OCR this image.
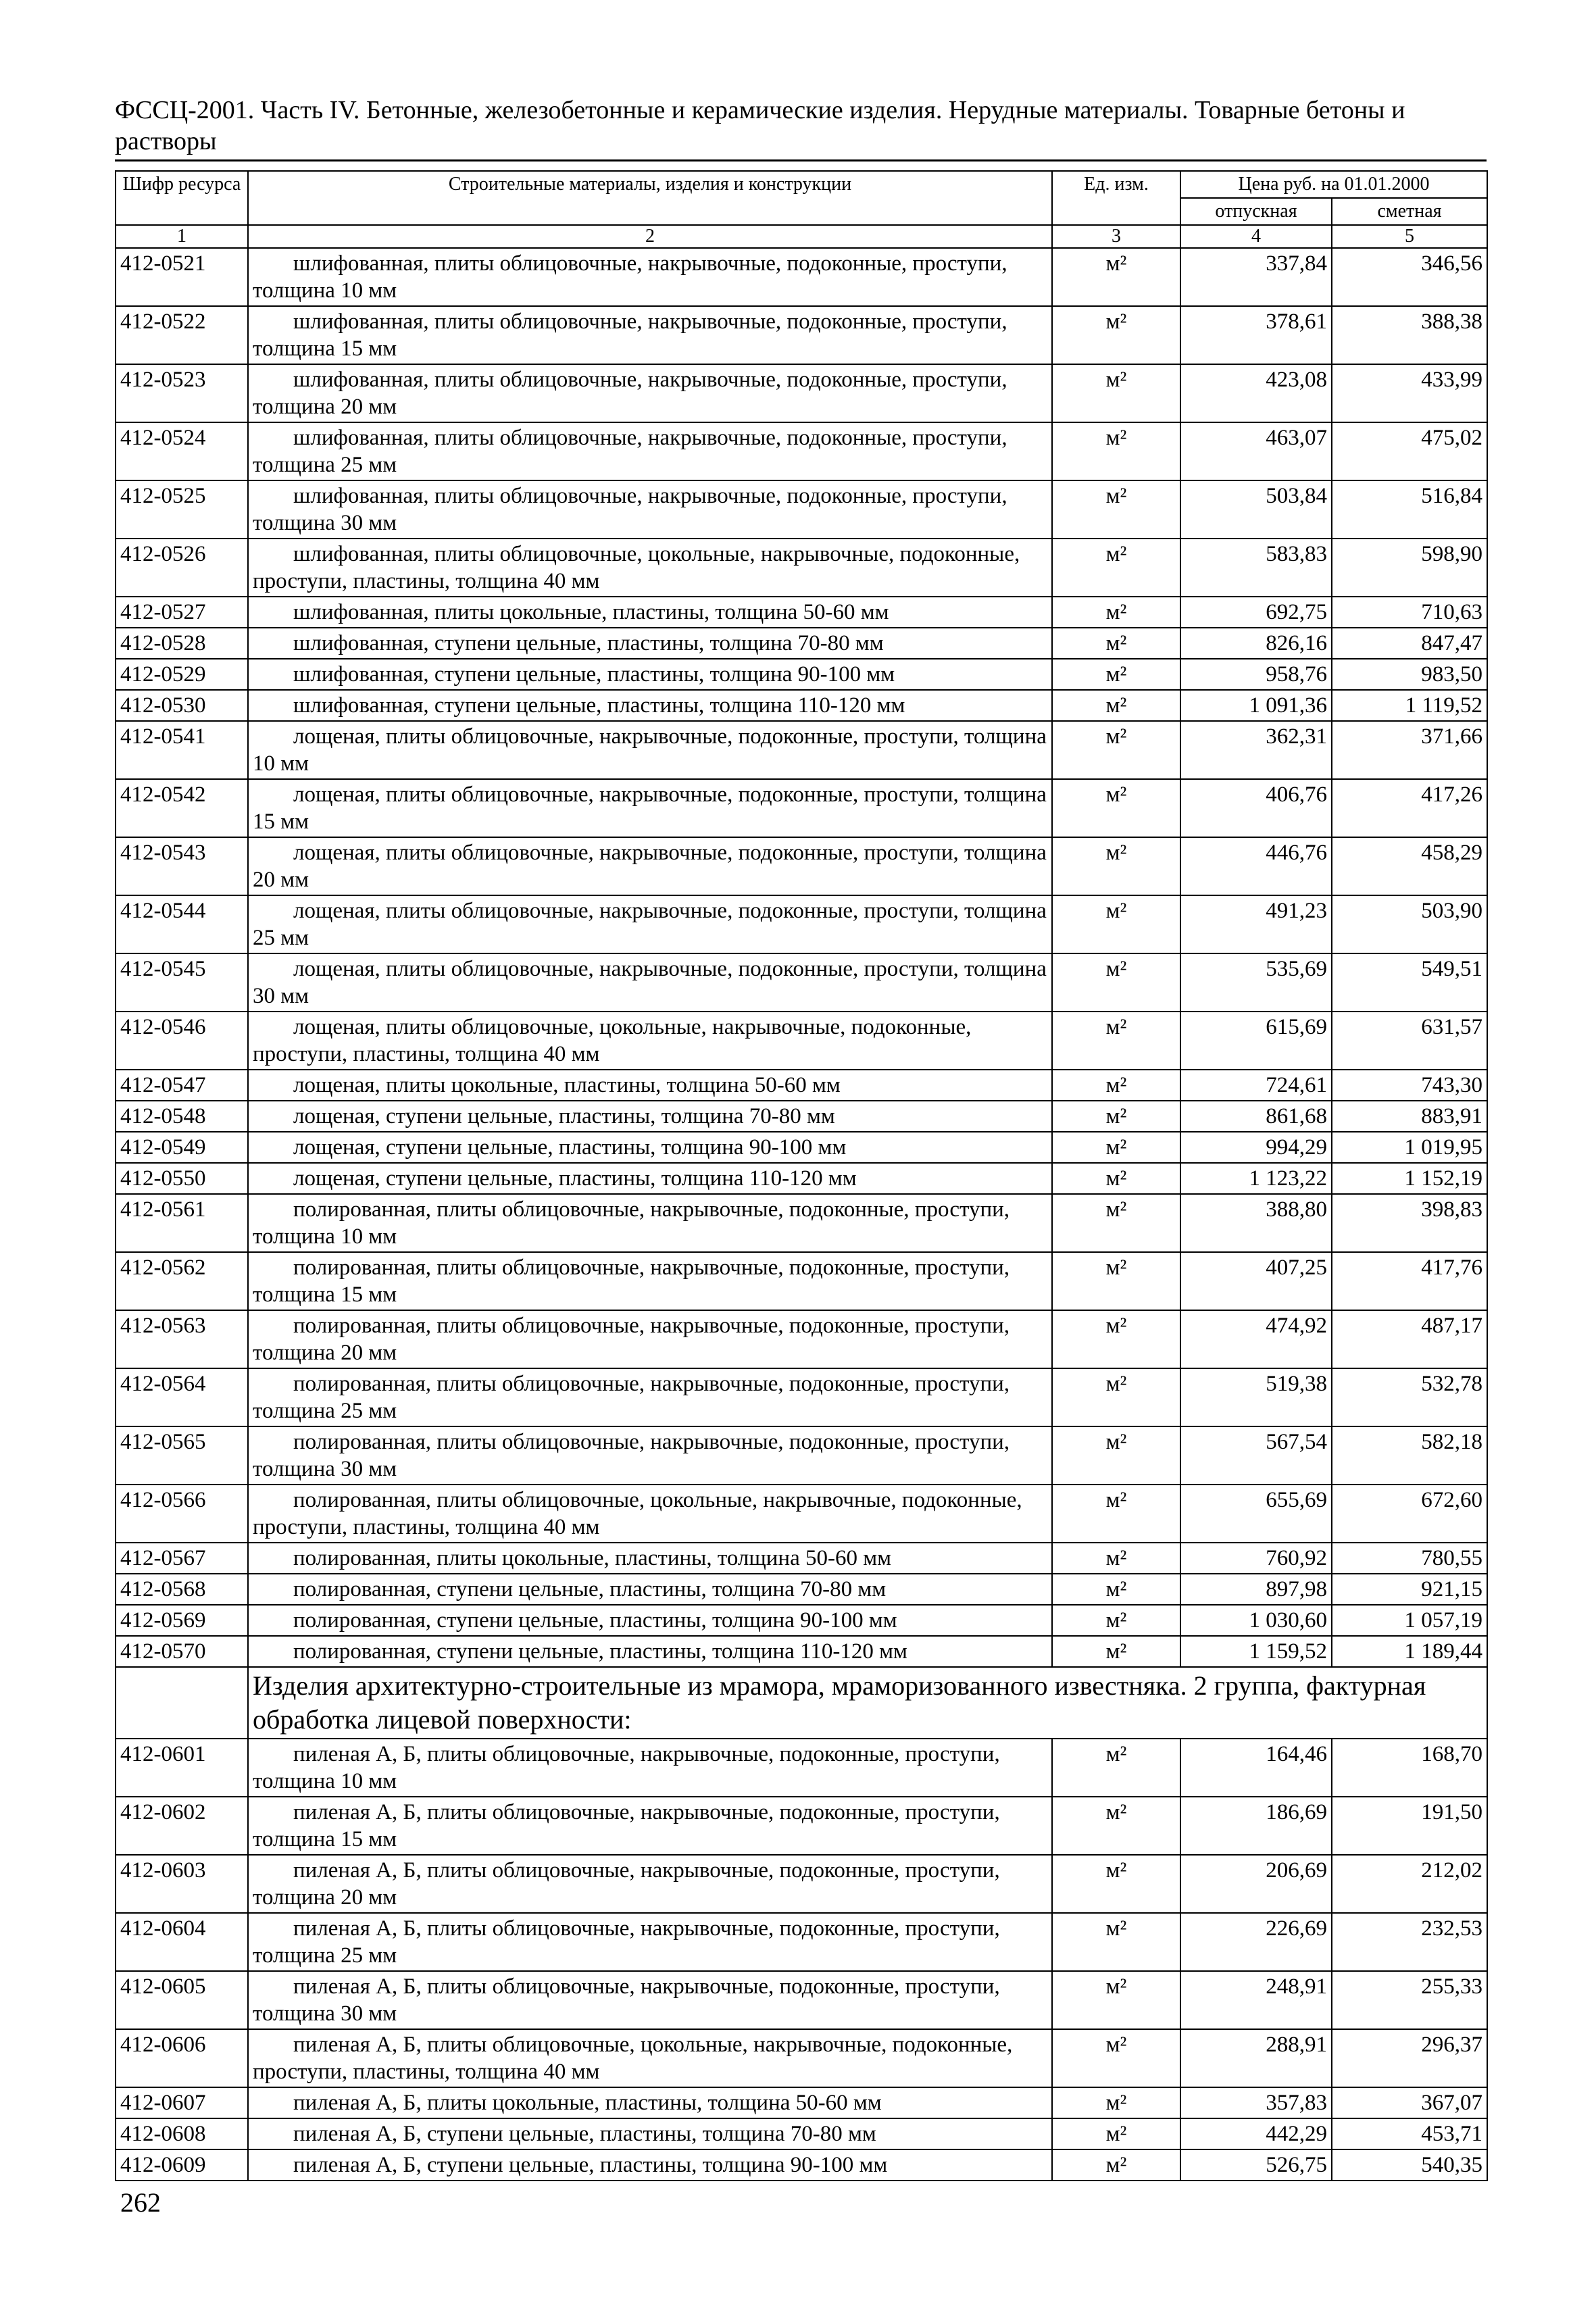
ФССЦ-2001. Часть IV. Бетонные, железобетонные и керамические изделия. Нерудные материалы. Товарные бетоны и растворы
Шифр ресурса	Строительные материалы, изделия и конструкции	Ед. изм.	Цена руб. на 01.01.2000	
			отпускная	сметная
1	2	3	4	5
412-0521	шлифованная, плиты облицовочные, накрывочные, подоконные, проступи, толщина 10 мм	м²	337,84	346,56
412-0522	шлифованная, плиты облицовочные, накрывочные, подоконные, проступи, толщина 15 мм	м²	378,61	388,38
412-0523	шлифованная, плиты облицовочные, накрывочные, подоконные, проступи, толщина 20 мм	м²	423,08	433,99
412-0524	шлифованная, плиты облицовочные, накрывочные, подоконные, проступи, толщина 25 мм	м²	463,07	475,02
412-0525	шлифованная, плиты облицовочные, накрывочные, подоконные, проступи, толщина 30 мм	м²	503,84	516,84
412-0526	шлифованная, плиты облицовочные, цокольные, накрывочные, подоконные, проступи, пластины, толщина 40 мм	м²	583,83	598,90
412-0527	шлифованная, плиты цокольные, пластины, толщина 50-60 мм	м²	692,75	710,63
412-0528	шлифованная, ступени цельные, пластины, толщина 70-80 мм	м²	826,16	847,47
412-0529	шлифованная, ступени цельные, пластины, толщина 90-100 мм	м²	958,76	983,50
412-0530	шлифованная, ступени цельные, пластины, толщина 110-120 мм	м²	1 091,36	1 119,52
412-0541	лощеная, плиты облицовочные, накрывочные, подоконные, проступи, толщина 10 мм	м²	362,31	371,66
412-0542	лощеная, плиты облицовочные, накрывочные, подоконные, проступи, толщина 15 мм	м²	406,76	417,26
412-0543	лощеная, плиты облицовочные, накрывочные, подоконные, проступи, толщина 20 мм	м²	446,76	458,29
412-0544	лощеная, плиты облицовочные, накрывочные, подоконные, проступи, толщина 25 мм	м²	491,23	503,90
412-0545	лощеная, плиты облицовочные, накрывочные, подоконные, проступи, толщина 30 мм	м²	535,69	549,51
412-0546	лощеная, плиты облицовочные, цокольные, накрывочные, подоконные, проступи, пластины, толщина 40 мм	м²	615,69	631,57
412-0547	лощеная, плиты цокольные, пластины, толщина 50-60 мм	м²	724,61	743,30
412-0548	лощеная, ступени цельные, пластины, толщина 70-80 мм	м²	861,68	883,91
412-0549	лощеная, ступени цельные, пластины, толщина 90-100 мм	м²	994,29	1 019,95
412-0550	лощеная, ступени цельные, пластины, толщина 110-120 мм	м²	1 123,22	1 152,19
412-0561	полированная, плиты облицовочные, накрывочные, подоконные, проступи, толщина 10 мм	м²	388,80	398,83
412-0562	полированная, плиты облицовочные, накрывочные, подоконные, проступи, толщина 15 мм	м²	407,25	417,76
412-0563	полированная, плиты облицовочные, накрывочные, подоконные, проступи, толщина 20 мм	м²	474,92	487,17
412-0564	полированная, плиты облицовочные, накрывочные, подоконные, проступи, толщина 25 мм	м²	519,38	532,78
412-0565	полированная, плиты облицовочные, накрывочные, подоконные, проступи, толщина 30 мм	м²	567,54	582,18
412-0566	полированная, плиты облицовочные, цокольные, накрывочные, подоконные, проступи, пластины, толщина 40 мм	м²	655,69	672,60
412-0567	полированная, плиты цокольные, пластины, толщина 50-60 мм	м²	760,92	780,55
412-0568	полированная, ступени цельные, пластины, толщина 70-80 мм	м²	897,98	921,15
412-0569	полированная, ступени цельные, пластины, толщина 90-100 мм	м²	1 030,60	1 057,19
412-0570	полированная, ступени цельные, пластины, толщина 110-120 мм	м²	1 159,52	1 189,44
	Изделия архитектурно-строительные из мрамора, мраморизованного известняка. 2 группа, фактурная обработка лицевой поверхности:			
412-0601	пиленая А, Б, плиты облицовочные, накрывочные, подоконные, проступи, толщина 10 мм	м²	164,46	168,70
412-0602	пиленая А, Б, плиты облицовочные, накрывочные, подоконные, проступи, толщина 15 мм	м²	186,69	191,50
412-0603	пиленая А, Б, плиты облицовочные, накрывочные, подоконные, проступи, толщина 20 мм	м²	206,69	212,02
412-0604	пиленая А, Б, плиты облицовочные, накрывочные, подоконные, проступи, толщина 25 мм	м²	226,69	232,53
412-0605	пиленая А, Б, плиты облицовочные, накрывочные, подоконные, проступи, толщина 30 мм	м²	248,91	255,33
412-0606	пиленая А, Б, плиты облицовочные, цокольные, накрывочные, подоконные, проступи, пластины, толщина 40 мм	м²	288,91	296,37
412-0607	пиленая А, Б, плиты цокольные, пластины, толщина 50-60 мм	м²	357,83	367,07
412-0608	пиленая А, Б, ступени цельные, пластины, толщина 70-80 мм	м²	442,29	453,71
412-0609	пиленая А, Б, ступени цельные, пластины, толщина 90-100 мм	м²	526,75	540,35
262
